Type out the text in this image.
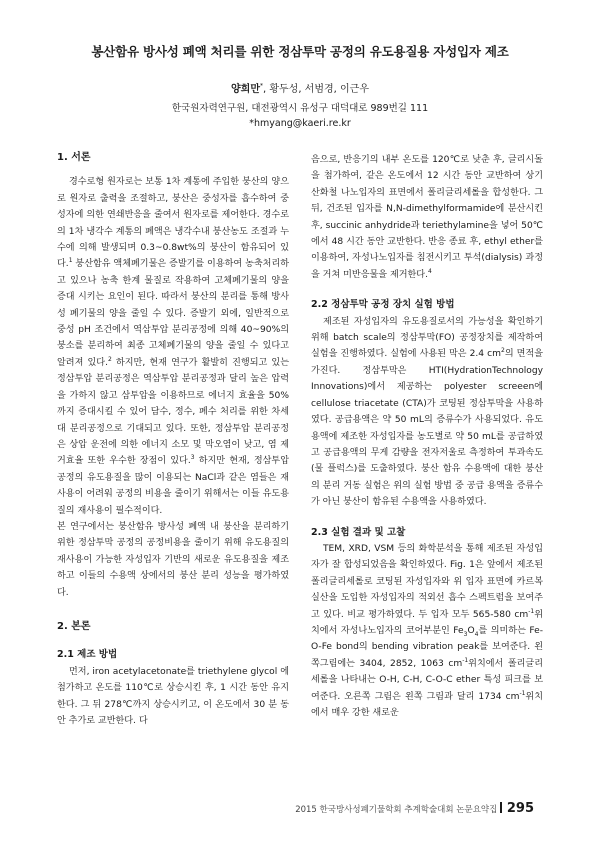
봉산함유 방사성 폐액 처리를 위한 정삼투막 공정의 유도용질용 자성입자 제조
양희만*, 황두성, 서범경, 이근우
한국원자력연구원, 대전광역시 유성구 대덕대로 989번길 111
*hmyang@kaeri.re.kr

1. 서론

경수로형 원자로는 보통 1차 계통에 주입한 붕산의 양으로 원자로 출력을 조절하고, 붕산은 중성자를 흡수하여 중성자에 의한 연쇄반응을 줄여서 원자로를 제어한다. 경수로의 1차 냉각수 계통의 폐액은 냉각수내 붕산농도 조절과 누수에 의해 발생되며 0.3~0.8wt%의 붕산이 함유되어 있다.$^1$ 붕산함유 액체폐기물은 증발기를 이용하여 농축처리하고 있으나 농축 한계 물질로 작용하여 고체폐기물의 양을 증대 시키는 요인이 된다. 따라서 붕산의 분리를 통해 방사성 폐기물의 양을 줄일 수 있다. 증발기 외에, 일반적으로 중성 pH 조건에서 역삼투압 분리공정에 의해 40~90%의 붕소를 분리하여 최종 고체폐기물의 양을 줄일 수 있다고 알려져 있다.$^2$ 하지만, 현재 연구가 활발히 진행되고 있는 정삼투압 분리공정은 역삼투압 분리공정과 달리 높은 압력을 가하지 않고 삼투압을 이용하므로 에너지 효율을 50%까지 증대시킬 수 있어 담수, 정수, 폐수 처리를 위한 차세대 분리공정으로 기대되고 있다. 또한, 정삼투압 분리공정은 상압 운전에 의한 에너지 소모 및 막오염이 낮고, 염 제거효율 또한 우수한 장점이 있다.$^3$ 하지만 현재, 정삼투압 공정의 유도용질을 많이 이용되는 NaCl과 같은 염들은 재사용이 어려워 공정의 비용을 줄이기 위해서는 이들 유도용질의 재사용이 필수적이다.

본 연구에서는 붕산함유 방사성 폐액 내 붕산을 분리하기 위한 정삼투막 공정의 공정비용을 줄이기 위해 유도용질의 재사용이 가능한 자성입자 기반의 새로운 유도용질을 제조하고 이들의 수용액 상에서의 붕산 분리 성능을 평가하였다.

2. 본론

2.1 제조 방법

먼저, iron acetylacetonate를 triethylene glycol 에 첨가하고 온도를 110℃로 상승시킨 후, 1 시간 동안 유지한다. 그 뒤 278℃까지 상승시키고, 이 온도에서 30 분 동안 추가로 교반한다. 다

음으로, 반응기의 내부 온도를 120℃로 낮춘 후, 글리시돌을 첨가하여, 같은 온도에서 12 시간 동안 교반하여 상기 산화철 나노입자의 표면에서 폴리글리세롤을 합성한다. 그 뒤, 건조된 입자를 N,N-dimethylformamide에 분산시킨 후, succinic anhydride과 teriethylamine을 넣어 50℃에서 48 시간 동안 교반한다. 반응 종료 후, ethyl ether를 이용하여, 자성나노입자를 침전시키고 투석(dialysis) 과정을 거쳐 미반응물을 제거한다.$^4$

2.2 정삼투막 공정 장치 실험 방법

제조된 자성입자의 유도용질로서의 가능성을 확인하기 위해 batch scale의 정삼투막(FO) 공정장치를 제작하여 실험을 진행하였다. 실험에 사용된 막은 2.4 $cm^2$의 면적을 가진다. 정삼투막은 HTI(HydrationTechnology Innovations)에서 제공하는 polyester screeen에 cellulose triacetate (CTA)가 코팅된 정삼투막을 사용하였다. 공급용액은 약 50 mL의 증류수가 사용되었다. 유도용액에 제조한 자성입자를 농도별로 약 50 mL를 공급하였고 공급용액의 무게 감량을 전자저울로 측정하여 투과속도 (물 플럭스)를 도출하였다. 붕산 함유 수용액에 대한 붕산의 분리 거동 실험은 위의 실험 방법 중 공급 용액을 증류수가 아닌 붕산이 함유된 수용액을 사용하였다.

2.3 실험 결과 및 고찰

TEM, XRD, VSM 등의 화학분석을 통해 제조된 자성입자가 잘 합성되었음을 확인하였다. Fig. 1은 앞에서 제조된 폴리글리세롤로 코팅된 자성입자와 위 입자 표면에 카르복실산을 도입한 자성입자의 적외선 흡수 스펙트럼을 보여주고 있다. 비교 평가하였다. 두 입자 모두 565-580 $cm^{-1}$위치에서 자성나노입자의 코어부분인 $Fe_3O_4$를 의미하는 Fe-O-Fe bond의 bending vibration peak를 보여준다. 왼쪽그림에는 3404, 2852, 1063 $cm^{-1}$위치에서 폴리글리세롤을 나타내는 O-H, C-H, C-O-C ether 특성 피크를 보여준다. 오른쪽 그림은 왼쪽 그림과 달리 1734 $cm^{-1}$위치에서 매우 강한 새로운

2015 한국방사성폐기물학회 추계학술대회 논문요약집 295
